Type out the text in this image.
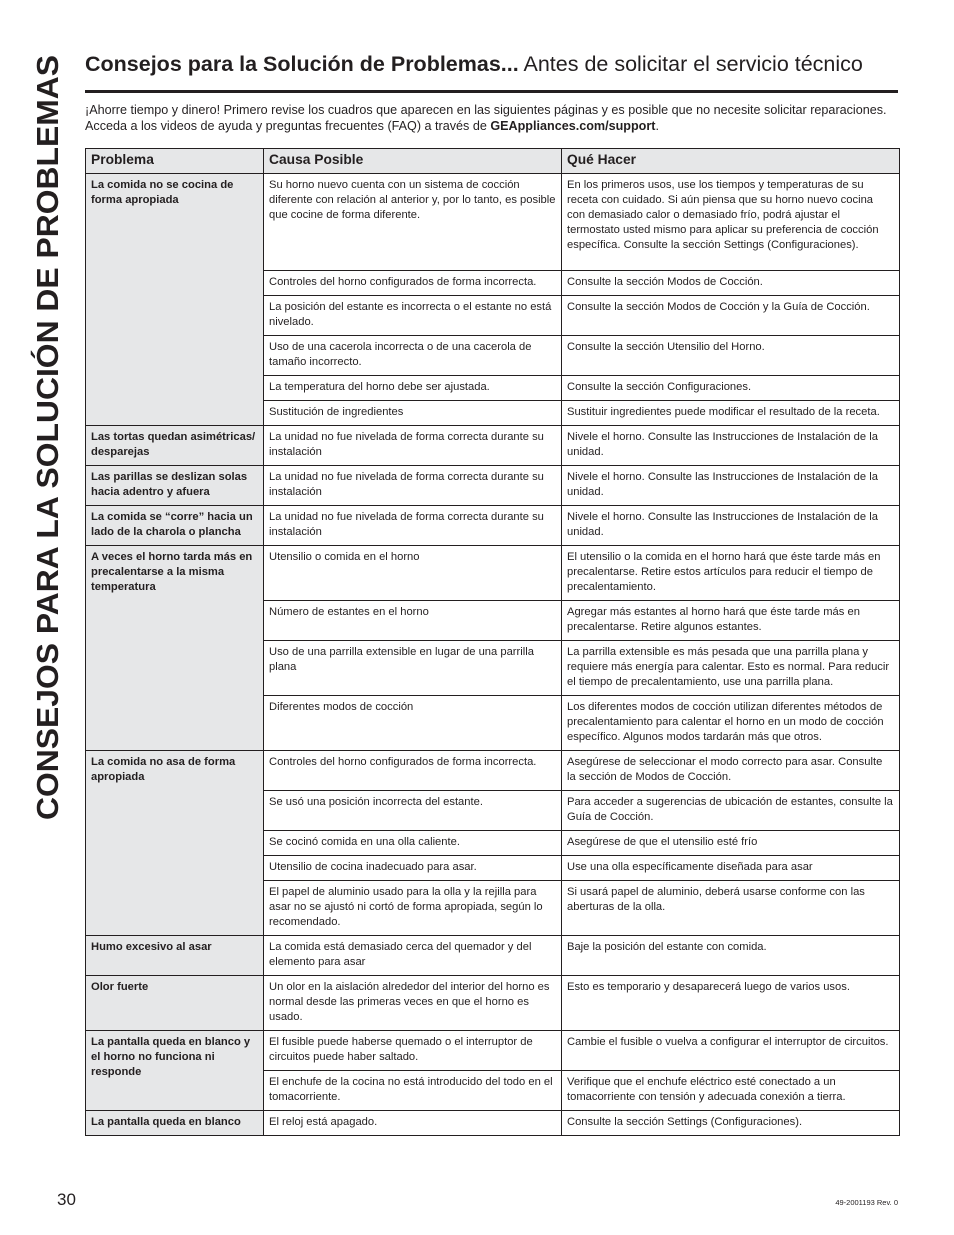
CONSEJOS PARA LA SOLUCIÓN DE PROBLEMAS
Consejos para la Solución de Problemas... Antes de solicitar el servicio técnico
¡Ahorre tiempo y dinero! Primero revise los cuadros que aparecen en las siguientes páginas y es posible que no necesite solicitar reparaciones. Acceda a los videos de ayuda y preguntas frecuentes (FAQ) a través de GEAppliances.com/support.
Problema	Causa Posible	Qué Hacer
La comida no se cocina de forma apropiada	Su horno nuevo cuenta con un sistema de cocción diferente con relación al anterior y, por lo tanto, es posible que cocine de forma diferente.	En los primeros usos, use los tiempos y temperaturas de su receta con cuidado. Si aún piensa que su horno nuevo cocina con demasiado calor o demasiado frío, podrá ajustar el termostato usted mismo para aplicar su preferencia de cocción específica. Consulte la sección Settings (Configuraciones).
	Controles del horno configurados de forma incorrecta.	Consulte la sección Modos de Cocción.
	La posición del estante es incorrecta o el estante no está nivelado.	Consulte la sección Modos de Cocción y la Guía de Cocción.
	Uso de una cacerola incorrecta o de una cacerola de tamaño incorrecto.	Consulte la sección Utensilio del Horno.
	La temperatura del horno debe ser ajustada.	Consulte la sección Configuraciones.
	Sustitución de ingredientes	Sustituir ingredientes puede modificar el resultado de la receta.
Las tortas quedan asimétricas/ desparejas	La unidad no fue nivelada de forma correcta durante su instalación	Nivele el horno. Consulte las Instrucciones de Instalación de la unidad.
Las parillas se deslizan solas hacia adentro y afuera	La unidad no fue nivelada de forma correcta durante su instalación	Nivele el horno. Consulte las Instrucciones de Instalación de la unidad.
La comida se “corre” hacia un lado de la charola o plancha	La unidad no fue nivelada de forma correcta durante su instalación	Nivele el horno. Consulte las Instrucciones de Instalación de la unidad.
A veces el horno tarda más en precalentarse a la misma temperatura	Utensilio o comida en el horno	El utensilio o la comida en el horno hará que éste tarde más en precalentarse. Retire estos artículos para reducir el tiempo de precalentamiento.
	Número de estantes en el horno	Agregar más estantes al horno hará que éste tarde más en precalentarse. Retire algunos estantes.
	Uso de una parrilla extensible en lugar de una parrilla plana	La parrilla extensible es más pesada que una parrilla plana y requiere más energía para calentar. Esto es normal. Para reducir el tiempo de precalentamiento, use una parrilla plana.
	Diferentes modos de cocción	Los diferentes modos de cocción utilizan diferentes métodos de precalentamiento para calentar el horno en un modo de cocción específico. Algunos modos tardarán más que otros.
La comida no asa de forma apropiada	Controles del horno configurados de forma incorrecta.	Asegúrese de seleccionar el modo correcto para asar. Consulte la sección de Modos de Cocción.
	Se usó una posición incorrecta del estante.	Para acceder a sugerencias de ubicación de estantes, consulte la Guía de Cocción.
	Se cocinó comida en una olla caliente.	Asegúrese de que el utensilio esté frío
	Utensilio de cocina inadecuado para asar.	Use una olla específicamente diseñada para asar
	El papel de aluminio usado para la olla y la rejilla para asar no se ajustó ni cortó de forma apropiada, según lo recomendado.	Si usará papel de aluminio, deberá usarse conforme con las aberturas de la olla.
Humo excesivo al asar	La comida está demasiado cerca del quemador y del elemento para asar	Baje la posición del estante con comida.
Olor fuerte	Un olor en la aislación alrededor del interior del horno es normal desde las primeras veces en que el horno es usado.	Esto es temporario y desaparecerá luego de varios usos.
La pantalla queda en blanco y el horno no funciona ni responde	El fusible puede haberse quemado o el interruptor de circuitos puede haber saltado.	Cambie el fusible o vuelva a configurar el interruptor de circuitos.
	El enchufe de la cocina no está introducido del todo en el tomacorriente.	Verifique que el enchufe eléctrico esté conectado a un tomacorriente con tensión y adecuada conexión a tierra.
La pantalla queda en blanco	El reloj está apagado.	Consulte la sección Settings (Configuraciones).
30	49-2001193 Rev. 0
